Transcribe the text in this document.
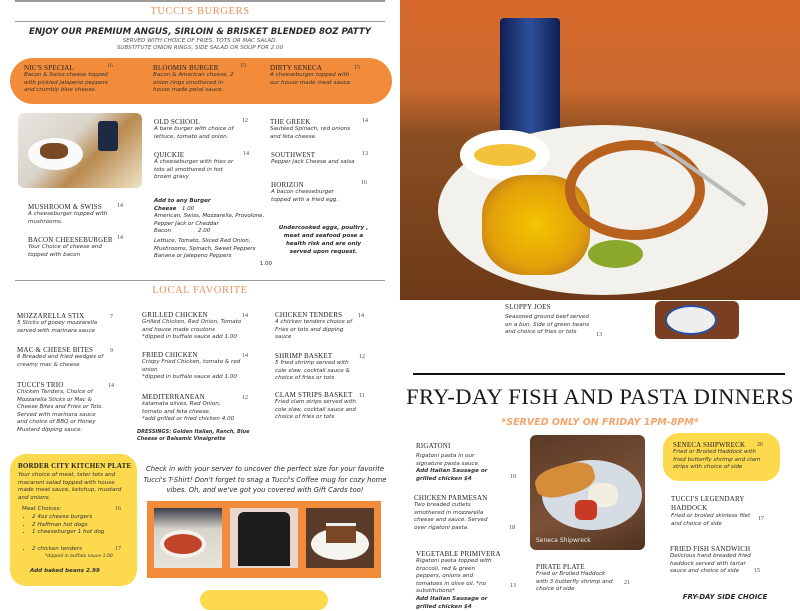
TUCCI'S BURGERS
ENJOY OUR PREMIUM ANGUS, SIRLOIN & BRISKET BLENDED 8OZ PATTY
SERVED WITH CHOICE OF FRIES, TOTS OR MAC SALAD.
SUBSTITUTE ONION RINGS, SIDE SALAD OR SOUP FOR 2.00
NIC'S SPECIAL
Bacon & Swiss cheese topped with pickled jalapeno peppers and crumbly blue cheese.
16	BLOOMIN BURGER
Bacon & American cheese, 2 onion rings smothered in house made petal sauce.
15	DIRTY SENECA
A cheeseburger topped with our house made meat sauce.
15
OLD SCHOOL
A bare burger with choice of lettuce, tomato and onion.
12	THE GREEK
Sautéed Spinach, red onions and feta cheese.
14
QUICKIE
A cheeseburger with fries or tots all smothered in hot brown gravy
14	SOUTHWEST
Pepper Jack Cheese and salsa
13
HORIZON
A bacon cheeseburger topped with a fried egg.
16
MUSHROOM & SWISS
A cheeseburger topped with mushrooms.
14
BACON CHEESEBURGER
Your Choice of cheese and topped with bacon
14
Add to any Burger
Cheese 1.00
American, Swiss, Mozzarella, Provolone, Pepper Jack or Cheddar
Bacon	2.00
Lettuce, Tomato, Sliced Red Onion, Mushrooms, Spinach, Sweet Peppers Banana or Jalepeno Peppers
1.00
Undercooked eggs, poultry , meat and seafood pose a health risk and are only served upon request.
LOCAL FAVORITE
MOZZARELLA STIX
5 Sticks of gooey mozzarella served with marinara sauce
7
MAC & CHEESE BITES
6 Breaded and fried wedges of creamy mac & cheese
9
TUCCI'S TRIO
Chicken Tenders, Choice of Mozzarella Sticks or Mac & Cheese Bites and Fries or Tots. Served with marinara sauce and choice of BBQ or Honey Mustard dipping sauce.
14
GRILLED CHICKEN
Grilled Chicken, Red Onion, Tomato and house made croutons
*dipped in buffalo sauce add 1.00
14
FRIED CHICKEN
Crispy Fried Chicken, tomato & red onion
*dipped in buffalo sauce add 1.00
14
MEDITERRANEAN
kalamata olives, Red Onion, tomato and feta cheese.
*add grilled or fried chicken 4.00
12
DRESSINGS: Golden Italian, Ranch, Blue Cheese or Balsamic Vinaigrette
CHICKEN TENDERS
4 chicken tenders choice of Fries or tots and dipping sauce
14
SHRIMP BASKET
5 fried shrimp served with cole slaw, cocktail sauce & choice of fries or tots
12
CLAM STRIPS BASKET
Fried clam strips served with cole slaw, cocktail sauce and choice of fries or tots
11
BORDER CITY KITCHEN PLATE
Your choice of meat, tater tots and macaroni salad topped with house made meat sauce, ketchup, mustard and onions.
Meat Choices:	16
• 2 4oz cheese burgers
• 2 Haffman hot dogs
• 1 cheeseburger 1 hot dog
• 2 chicken tenders	17
*dipped in buffalo sauce 1.00
Add baked beans 2.99
Check in with your server to uncover the perfect size for your favorite Tucci's T-Shirt! Don't forget to snag a Tucci's Coffee mug for cozy home vibes. Oh, and we've got you covered with Gift Cards too!
SLOPPY JOES
Seasoned ground beef served on a bun. Side of green beans and choice of fries or tots	13
FRY-DAY FISH AND PASTA DINNERS
*SERVED ONLY ON FRIDAY 1PM-8PM*
RIGATONI
Rigatoni pasta in our signature pasta sauce.
Add Italian Sausage or grilled chicken $4	10
CHICKEN PARMESAN
Two breaded cutlets smothered in mozzarella cheese and sauce. Served over rigatoni pasta.	18
VEGETABLE PRIMIVERA
Rigatoni pasta topped with broccoli, red & green peppers, onions and tomatoes in olive oil. *no substitutions*
Add Italian Sausage or grilled chicken $4
13
Seneca Shipwreck
PIRATE PLATE
Fried or Broiled Haddock with 3 butterfly shrimp and choice of side
21
SENECA SHIPWRECK
Fried or Broiled Haddock with fried butterfly shrimp and clam strips with choice of side
26
TUCCI'S LEGENDARY HADDOCK
Fried or broiled skinless filet and choice of side
17
FRIED FISH SANDWICH
Delicious hand breaded fried haddock served with tartar sauce and choice of side	15
FRY-DAY SIDE CHOICE
